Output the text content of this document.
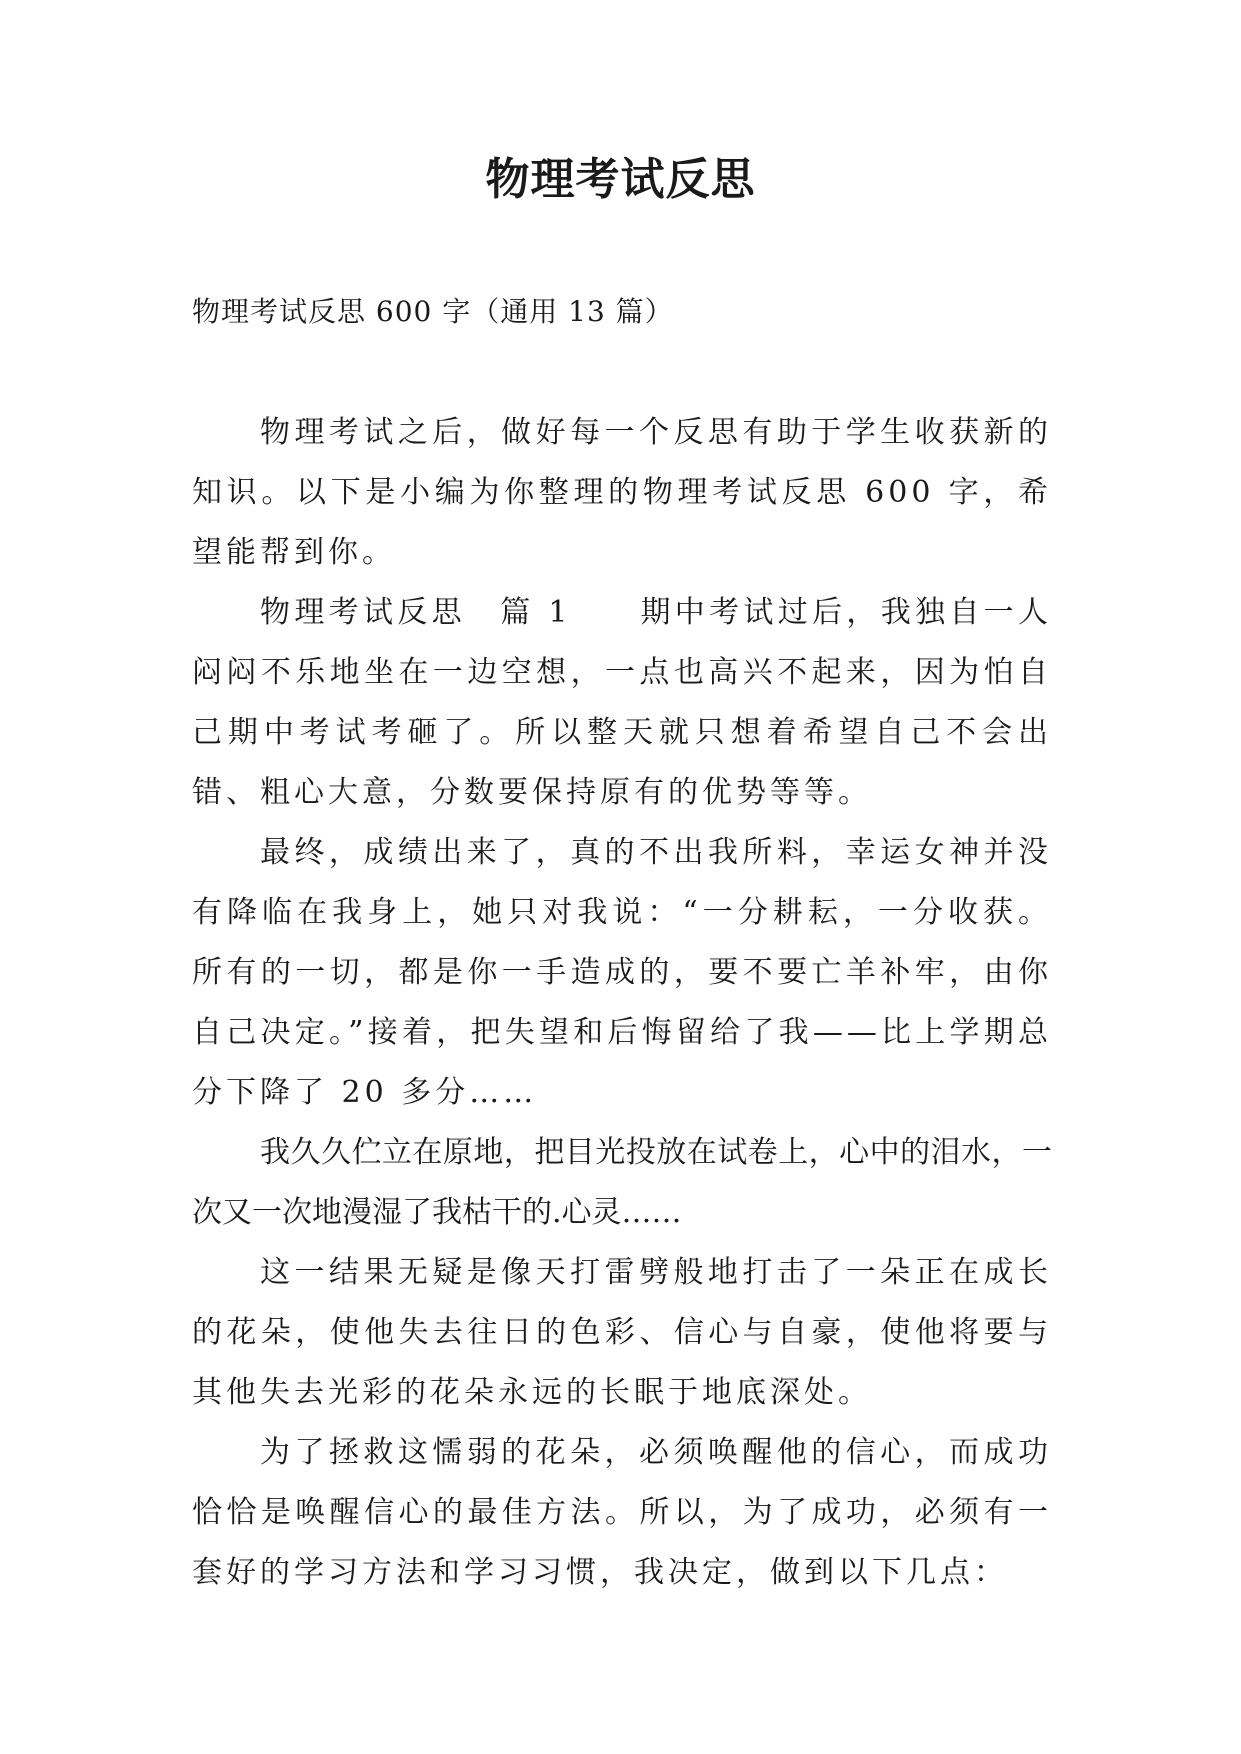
物理考试反思
物理考试反思 600 字（通用 13 篇）

物理考试之后，做好每一个反思有助于学生收获新的知识。以下是小编为你整理的物理考试反思 600 字，希望能帮到你。

物理考试反思　篇 1　　期中考试过后，我独自一人闷闷不乐地坐在一边空想，一点也高兴不起来，因为怕自己期中考试考砸了。所以整天就只想着希望自己不会出错、粗心大意，分数要保持原有的优势等等。

最终，成绩出来了，真的不出我所料，幸运女神并没有降临在我身上，她只对我说：“一分耕耘，一分收获。所有的一切，都是你一手造成的，要不要亡羊补牢，由你自己决定。”接着，把失望和后悔留给了我——比上学期总分下降了 20 多分……

我久久伫立在原地，把目光投放在试卷上，心中的泪水，一次又一次地漫湿了我枯干的.心灵……

这一结果无疑是像天打雷劈般地打击了一朵正在成长的花朵，使他失去往日的色彩、信心与自豪，使他将要与其他失去光彩的花朵永远的长眠于地底深处。

为了拯救这懦弱的花朵，必须唤醒他的信心，而成功恰恰是唤醒信心的最佳方法。所以，为了成功，必须有一套好的学习方法和学习习惯，我决定，做到以下几点：
